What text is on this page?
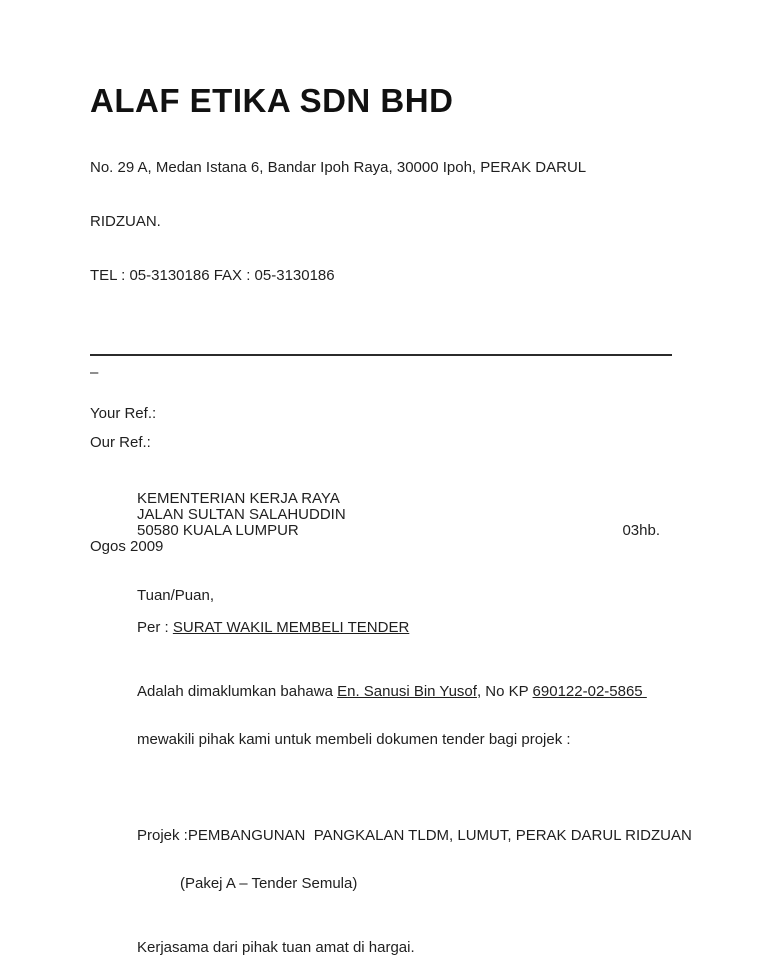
ALAF ETIKA SDN BHD

No. 29 A, Medan Istana 6, Bandar Ipoh Raya, 30000 Ipoh, PERAK DARUL

RIDZUAN.

TEL : 05-3130186 FAX : 05-3130186

–
Your Ref.:
Our Ref.:
KEMENTERIAN KERJA RAYA
JALAN SULTAN SALAHUDDIN
50580 KUALA LUMPUR	03hb.
Ogos 2009
Tuan/Puan,
Per : SURAT WAKIL MEMBELI TENDER

Adalah dimaklumkan bahawa En. Sanusi Bin Yusof, No KP 690122-02-5865

mewakili pihak kami untuk membeli dokumen tender bagi projek :

Projek :PEMBANGUNAN  PANGKALAN TLDM, LUMUT, PERAK DARUL RIDZUAN

(Pakej A – Tender Semula)

Kerjasama dari pihak tuan amat di hargai.
